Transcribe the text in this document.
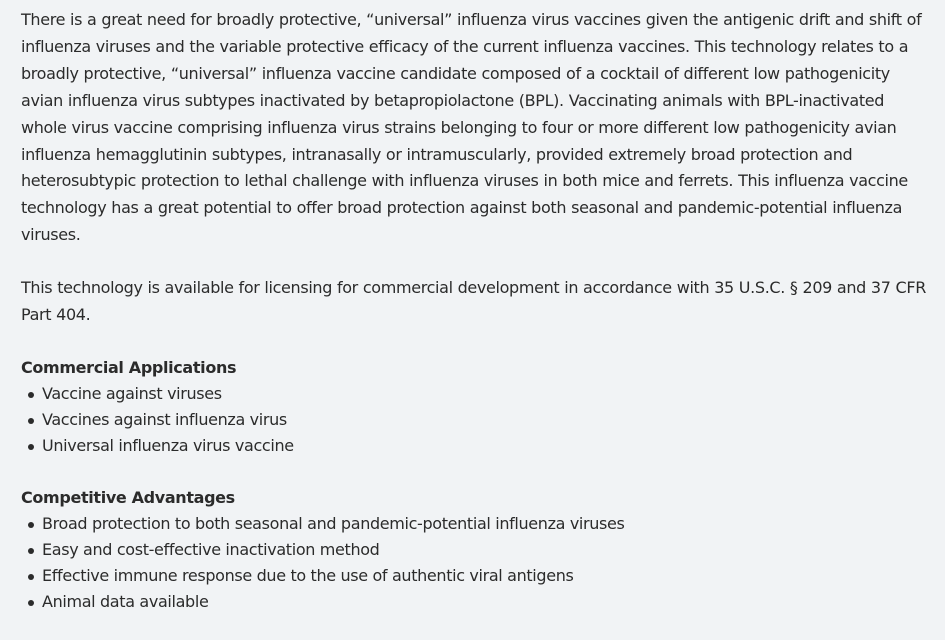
There is a great need for broadly protective, “universal” influenza virus vaccines given the antigenic drift and shift of influenza viruses and the variable protective efficacy of the current influenza vaccines. This technology relates to a broadly protective, “universal” influenza vaccine candidate composed of a cocktail of different low pathogenicity avian influenza virus subtypes inactivated by betapropiolactone (BPL). Vaccinating animals with BPL-inactivated whole virus vaccine comprising influenza virus strains belonging to four or more different low pathogenicity avian influenza hemagglutinin subtypes, intranasally or intramuscularly, provided extremely broad protection and heterosubtypic protection to lethal challenge with influenza viruses in both mice and ferrets. This influenza vaccine technology has a great potential to offer broad protection against both seasonal and pandemic-potential influenza viruses.

This technology is available for licensing for commercial development in accordance with 35 U.S.C. § 209 and 37 CFR Part 404.

Commercial Applications
Vaccine against viruses
Vaccines against influenza virus
Universal influenza virus vaccine
Competitive Advantages
Broad protection to both seasonal and pandemic-potential influenza viruses
Easy and cost-effective inactivation method
Effective immune response due to the use of authentic viral antigens
Animal data available
